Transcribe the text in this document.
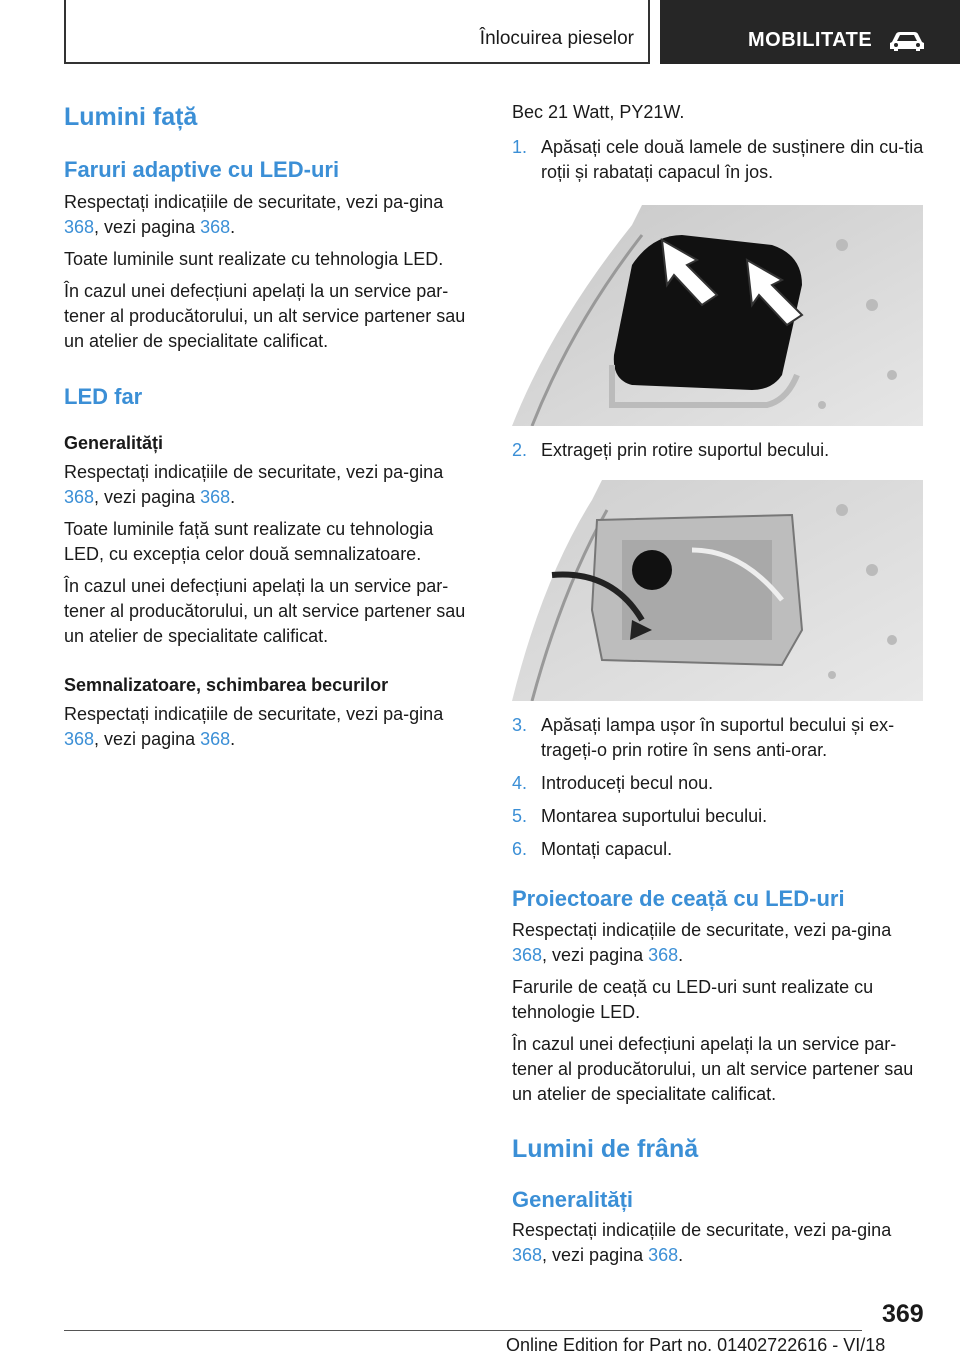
Înlocuirea pieselor	MOBILITATE
Lumini față
Faruri adaptive cu LED-uri

Respectați indicațiile de securitate, vezi pa-gina 368, vezi pagina 368.

Toate luminile sunt realizate cu tehnologia LED.

În cazul unei defecțiuni apelați la un service par-tener al producătorului, un alt service partener sau un atelier de specialitate calificat.

LED far
Generalități

Respectați indicațiile de securitate, vezi pa-gina 368, vezi pagina 368.

Toate luminile față sunt realizate cu tehnologia LED, cu excepția celor două semnalizatoare.

În cazul unei defecțiuni apelați la un service par-tener al producătorului, un alt service partener sau un atelier de specialitate calificat.

Semnalizatoare, schimbarea becurilor

Respectați indicațiile de securitate, vezi pa-gina 368, vezi pagina 368.

Bec 21 Watt, PY21W.

1. Apăsați cele două lamele de susținere din cu-tia roții și rabatați capacul în jos.
2. Extrageți prin rotire suportul becului.
3. Apăsați lampa ușor în suportul becului și ex-trageți-o prin rotire în sens anti-orar.
4. Introduceți becul nou.
5. Montarea suportului becului.
6. Montați capacul.
Proiectoare de ceață cu LED-uri

Respectați indicațiile de securitate, vezi pa-gina 368, vezi pagina 368.

Farurile de ceață cu LED-uri sunt realizate cu tehnologie LED.

În cazul unei defecțiuni apelați la un service par-tener al producătorului, un alt service partener sau un atelier de specialitate calificat.

Lumini de frână
Generalități

Respectați indicațiile de securitate, vezi pa-gina 368, vezi pagina 368.

369
Online Edition for Part no. 01402722616 - VI/18
